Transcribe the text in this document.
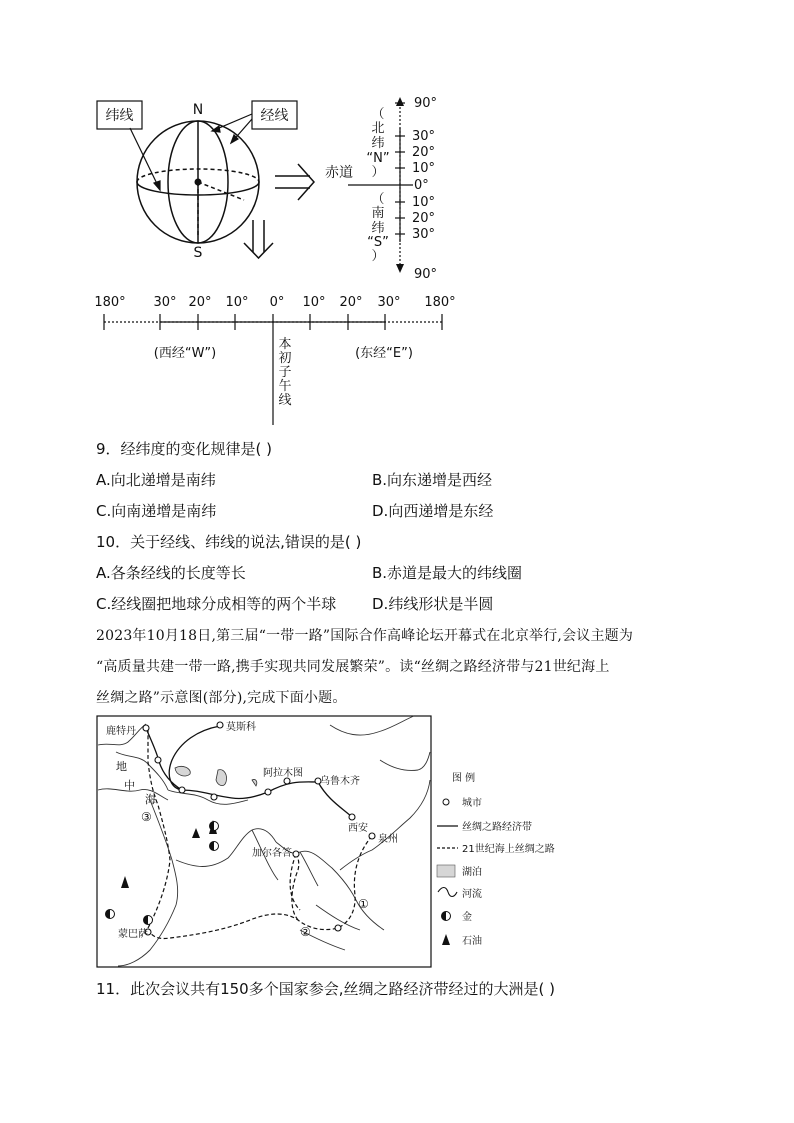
纬线	经线
N
S
赤道
90°
30°
20°
10°
0°
10°
20°
30°
90°
（
北
纬
“N”
）
（
南
纬
“S”
）
180° 30° 20° 10° 0° 10° 20° 30° 180°
(西经“W”)	(东经“E”)
本
初
子
午
线
9．经纬度的变化规律是( )
A.向北递增是南纬	B.向东递增是西经
C.向南递增是南纬	D.向西递增是东经
10．关于经线、纬线的说法,错误的是( )
A.各条经线的长度等长	B.赤道是最大的纬线圈
C.经线圈把地球分成相等的两个半球 D.纬线形状是半圆
2023年10月18日,第三届“一带一路”国际合作高峰论坛开幕式在北京举行,会议主题为
“高质量共建一带一路,携手实现共同发展繁荣”。读“丝绸之路经济带与21世纪海上
丝绸之路”示意图(部分),完成下面小题。
鹿特丹	莫斯科
阿拉木图
乌鲁木齐
西安
泉州
加尔各答
蒙巴萨
地
中
海
③
①
②
图 例
城市
丝绸之路经济带
21世纪海上丝绸之路
湖泊
河流
金
石油
11．此次会议共有150多个国家参会,丝绸之路经济带经过的大洲是( )
